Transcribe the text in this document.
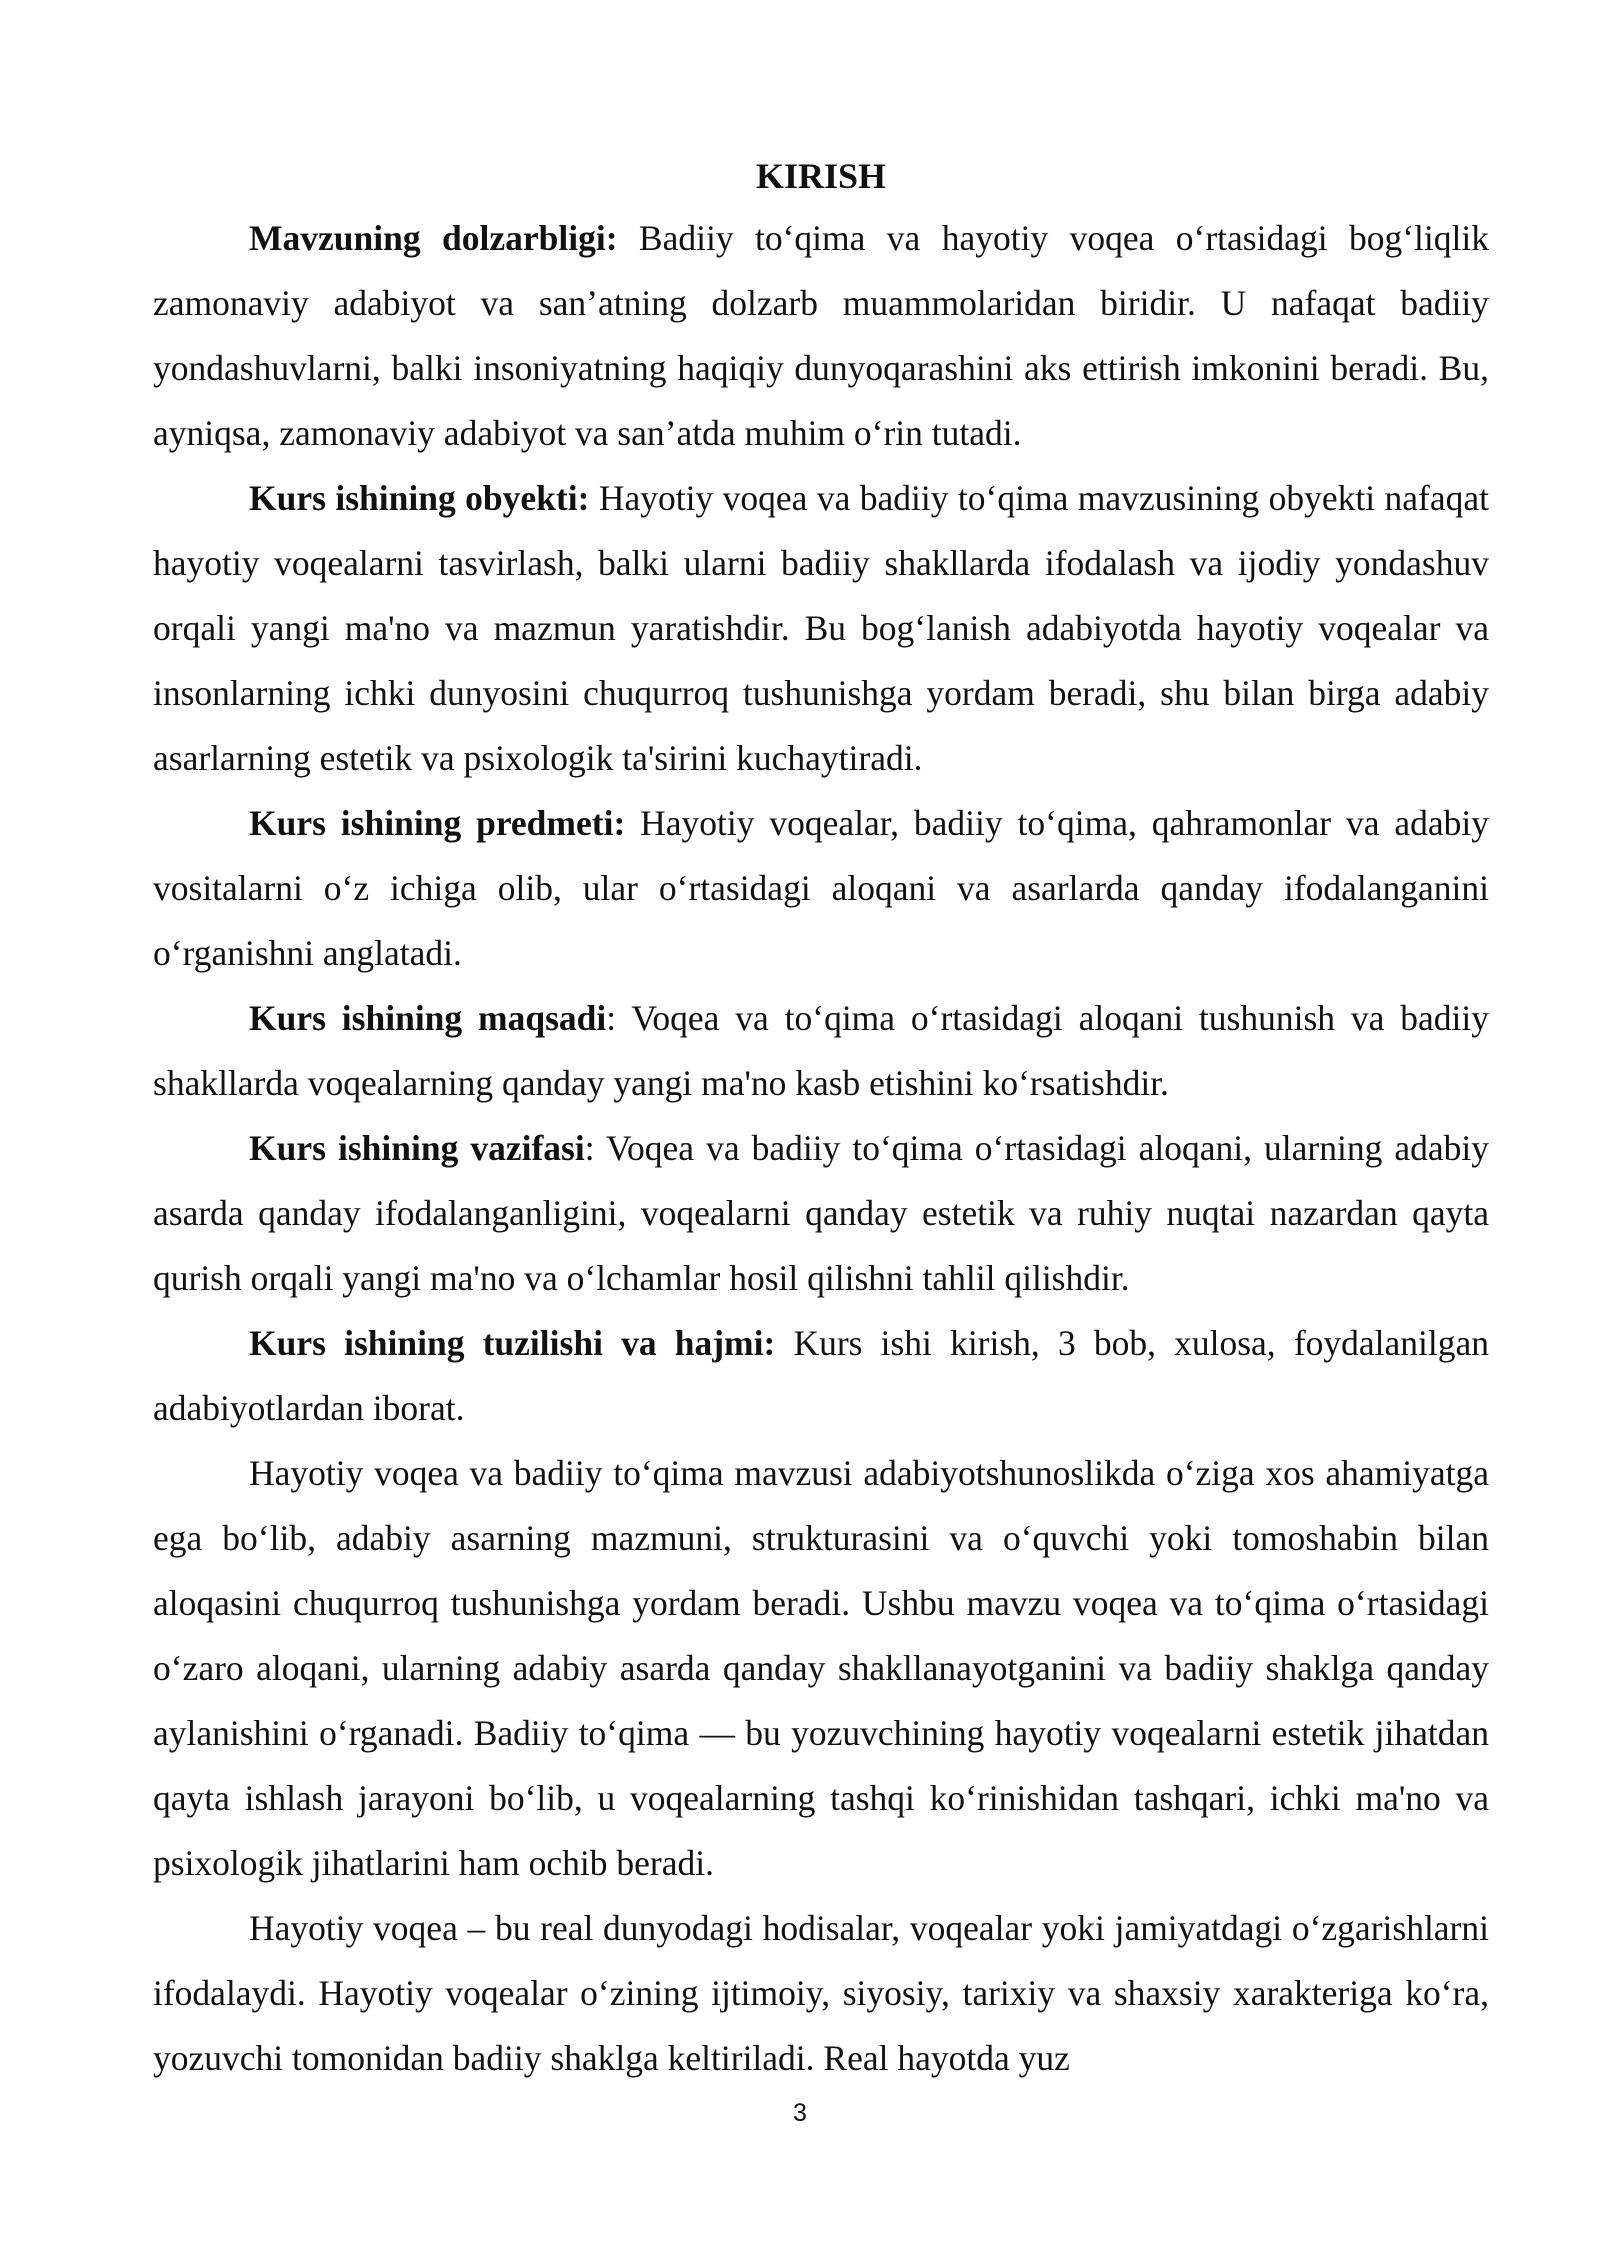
KIRISH

Mavzuning dolzarbligi: Badiiy to‘qima va hayotiy voqea o‘rtasidagi bog‘liqlik zamonaviy adabiyot va san’atning dolzarb muammolaridan biridir. U nafaqat badiiy yondashuvlarni, balki insoniyatning haqiqiy dunyoqarashini aks ettirish imkonini beradi. Bu, ayniqsa, zamonaviy adabiyot va san’atda muhim o‘rin tutadi.

Kurs ishining obyekti: Hayotiy voqea va badiiy to‘qima mavzusining obyekti nafaqat hayotiy voqealarni tasvirlash, balki ularni badiiy shakllarda ifodalash va ijodiy yondashuv orqali yangi ma'no va mazmun yaratishdir. Bu bog‘lanish adabiyotda hayotiy voqealar va insonlarning ichki dunyosini chuqurroq tushunishga yordam beradi, shu bilan birga adabiy asarlarning estetik va psixologik ta'sirini kuchaytiradi.

Kurs ishining predmeti: Hayotiy voqealar, badiiy to‘qima, qahramonlar va adabiy vositalarni o‘z ichiga olib, ular o‘rtasidagi aloqani va asarlarda qanday ifodalanganini o‘rganishni anglatadi.

Kurs ishining maqsadi: Voqea va to‘qima o‘rtasidagi aloqani tushunish va badiiy shakllarda voqealarning qanday yangi ma'no kasb etishini ko‘rsatishdir.

Kurs ishining vazifasi: Voqea va badiiy to‘qima o‘rtasidagi aloqani, ularning adabiy asarda qanday ifodalanganligini, voqealarni qanday estetik va ruhiy nuqtai nazardan qayta qurish orqali yangi ma'no va o‘lchamlar hosil qilishni tahlil qilishdir.

Kurs ishining tuzilishi va hajmi: Kurs ishi kirish, 3 bob, xulosa, foydalanilgan adabiyotlardan iborat.

Hayotiy voqea va badiiy to‘qima mavzusi adabiyotshunoslikda o‘ziga xos ahamiyatga ega bo‘lib, adabiy asarning mazmuni, strukturasini va o‘quvchi yoki tomoshabin bilan aloqasini chuqurroq tushunishga yordam beradi. Ushbu mavzu voqea va to‘qima o‘rtasidagi o‘zaro aloqani, ularning adabiy asarda qanday shakllanayotganini va badiiy shaklga qanday aylanishini o‘rganadi. Badiiy to‘qima — bu yozuvchining hayotiy voqealarni estetik jihatdan qayta ishlash jarayoni bo‘lib, u voqealarning tashqi ko‘rinishidan tashqari, ichki ma'no va psixologik jihatlarini ham ochib beradi.

Hayotiy voqea – bu real dunyodagi hodisalar, voqealar yoki jamiyatdagi o‘zgarishlarni ifodalaydi. Hayotiy voqealar o‘zining ijtimoiy, siyosiy, tarixiy va shaxsiy xarakteriga ko‘ra, yozuvchi tomonidan badiiy shaklga keltiriladi. Real hayotda yuz

3
